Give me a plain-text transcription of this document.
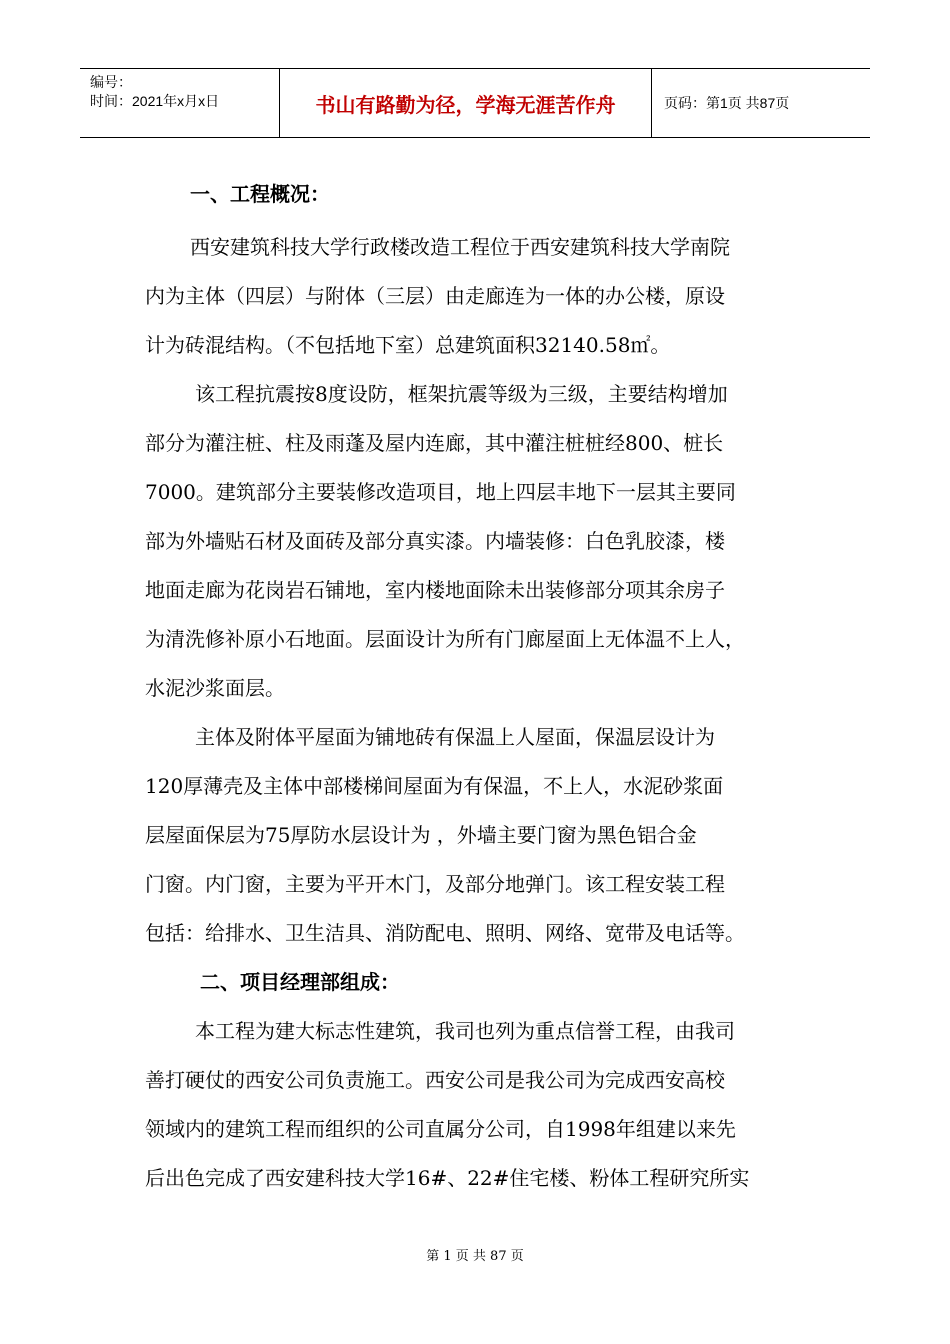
编号：
时间：2021年x月x日	书山有路勤为径，学海无涯苦作舟	页码：第1页 共87页
一、工程概况：
西安建筑科技大学行政楼改造工程位于西安建筑科技大学南院
内为主体（四层）与附体（三层）由走廊连为一体的办公楼，原设
计为砖混结构。（不包括地下室）总建筑面积32140.58㎡。
该工程抗震按8度设防，框架抗震等级为三级，主要结构增加
部分为灌注桩、柱及雨蓬及屋内连廊，其中灌注桩桩经800、桩长
7000。建筑部分主要装修改造项目，地上四层丰地下一层其主要同
部为外墙贴石材及面砖及部分真实漆。内墙装修：白色乳胶漆，楼
地面走廊为花岗岩石铺地，室内楼地面除未出装修部分项其余房子
为清洗修补原小石地面。层面设计为所有门廊屋面上无体温不上人，
水泥沙浆面层。
主体及附体平屋面为铺地砖有保温上人屋面，保温层设计为
120厚薄壳及主体中部楼梯间屋面为有保温，不上人，水泥砂浆面
层屋面保层为75厚防水层设计为 ，外墙主要门窗为黑色铝合金
门窗。内门窗，主要为平开木门，及部分地弹门。该工程安装工程
包括：给排水、卫生洁具、消防配电、照明、网络、宽带及电话等。
二、项目经理部组成：
本工程为建大标志性建筑，我司也列为重点信誉工程，由我司
善打硬仗的西安公司负责施工。西安公司是我公司为完成西安高校
领域内的建筑工程而组织的公司直属分公司，自1998年组建以来先
后出色完成了西安建科技大学16#、22#住宅楼、粉体工程研究所实
第 1 页 共 87 页
